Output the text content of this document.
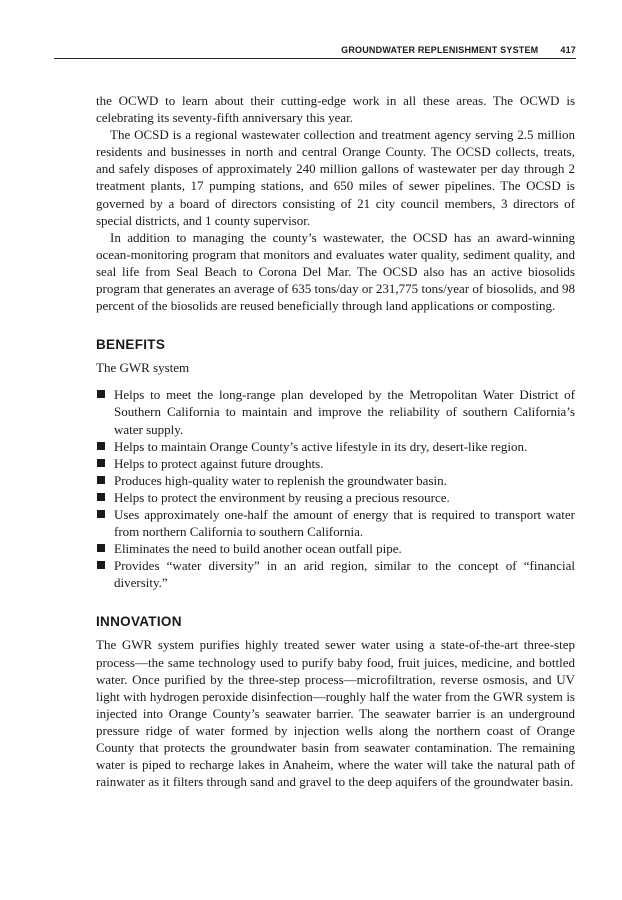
GROUNDWATER REPLENISHMENT SYSTEM 417

the OCWD to learn about their cutting-edge work in all these areas. The OCWD is celebrating its seventy-fifth anniversary this year.

The OCSD is a regional wastewater collection and treatment agency serving 2.5 million residents and businesses in north and central Orange County. The OCSD collects, treats, and safely disposes of approximately 240 million gallons of wastewater per day through 2 treatment plants, 17 pumping stations, and 650 miles of sewer pipelines. The OCSD is governed by a board of directors consisting of 21 city council members, 3 directors of special districts, and 1 county supervisor.

In addition to managing the county’s wastewater, the OCSD has an award-winning ocean-monitoring program that monitors and evaluates water quality, sediment quality, and seal life from Seal Beach to Corona Del Mar. The OCSD also has an active biosolids program that generates an average of 635 tons/day or 231,775 tons/year of biosolids, and 98 percent of the biosolids are reused beneficially through land applications or composting.

BENEFITS

The GWR system

Helps to meet the long-range plan developed by the Metropolitan Water District of Southern California to maintain and improve the reliability of southern California’s water supply.
Helps to maintain Orange County’s active lifestyle in its dry, desert-like region.
Helps to protect against future droughts.
Produces high-quality water to replenish the groundwater basin.
Helps to protect the environment by reusing a precious resource.
Uses approximately one-half the amount of energy that is required to transport water from northern California to southern California.
Eliminates the need to build another ocean outfall pipe.
Provides “water diversity” in an arid region, similar to the concept of “financial diversity.”
INNOVATION

The GWR system purifies highly treated sewer water using a state-of-the-art three-step process—the same technology used to purify baby food, fruit juices, medicine, and bottled water. Once purified by the three-step process—microfiltration, reverse osmosis, and UV light with hydrogen peroxide disinfection—roughly half the water from the GWR system is injected into Orange County’s seawater barrier. The seawater barrier is an underground pressure ridge of water formed by injection wells along the northern coast of Orange County that protects the groundwater basin from seawater contamination. The remaining water is piped to recharge lakes in Anaheim, where the water will take the natural path of rainwater as it filters through sand and gravel to the deep aquifers of the groundwater basin.
